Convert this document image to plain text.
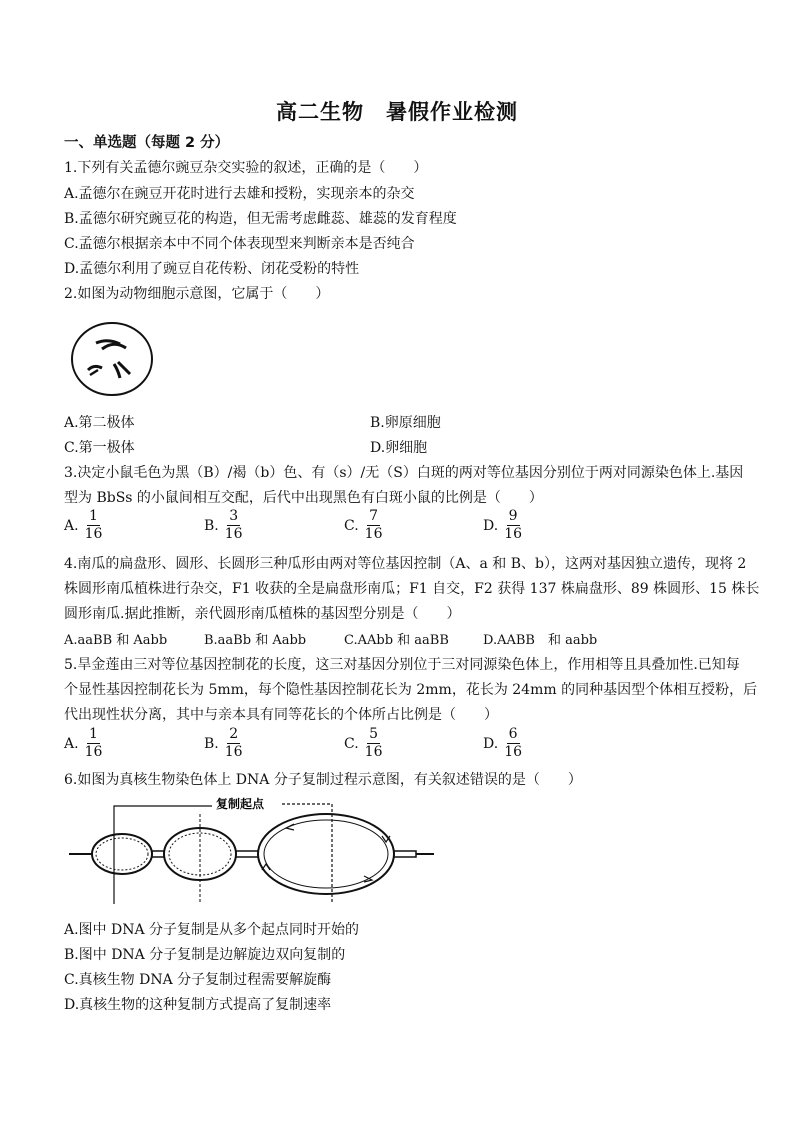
高二生物　暑假作业检测
一、单选题（每题 2 分）
1.下列有关孟德尔豌豆杂交实验的叙述，正确的是（　　）
A.孟德尔在豌豆开花时进行去雄和授粉，实现亲本的杂交
B.孟德尔研究豌豆花的构造，但无需考虑雌蕊、雄蕊的发育程度
C.孟德尔根据亲本中不同个体表现型来判断亲本是否纯合
D.孟德尔利用了豌豆自花传粉、闭花受粉的特性
2.如图为动物细胞示意图，它属于（　　）
A.第二极体	B.卵原细胞
C.第一极体	D.卵细胞
3.决定小鼠毛色为黑（B）/褐（b）色、有（s）/无（S）白斑的两对等位基因分别位于两对同源染色体上.基因
型为 BbSs 的小鼠间相互交配，后代中出现黑色有白斑小鼠的比例是（　　）
A. $\frac{1}{16}$	B. $\frac{3}{16}$	C. $\frac{7}{16}$	D. $\frac{9}{16}$
4.南瓜的扁盘形、圆形、长圆形三种瓜形由两对等位基因控制（A、a 和 B、b），这两对基因独立遗传，现将 2
株圆形南瓜植株进行杂交，F1 收获的全是扁盘形南瓜；F1 自交，F2 获得 137 株扁盘形、89 株圆形、15 株长
圆形南瓜.据此推断，亲代圆形南瓜植株的基因型分别是（　　）
A.aaBB 和 Aabb	B.aaBb 和 Aabb	C.AAbb 和 aaBB	D.AABB　和 aabb
5.旱金莲由三对等位基因控制花的长度，这三对基因分别位于三对同源染色体上，作用相等且具叠加性.已知每
个显性基因控制花长为 5mm，每个隐性基因控制花长为 2mm，花长为 24mm 的同种基因型个体相互授粉，后
代出现性状分离，其中与亲本具有同等花长的个体所占比例是（　　）
A. $\frac{1}{16}$	B. $\frac{2}{16}$	C. $\frac{5}{16}$	D. $\frac{6}{16}$
6.如图为真核生物染色体上 DNA 分子复制过程示意图，有关叙述错误的是（　　）
复制起点
A.图中 DNA 分子复制是从多个起点同时开始的
B.图中 DNA 分子复制是边解旋边双向复制的
C.真核生物 DNA 分子复制过程需要解旋酶
D.真核生物的这种复制方式提高了复制速率
